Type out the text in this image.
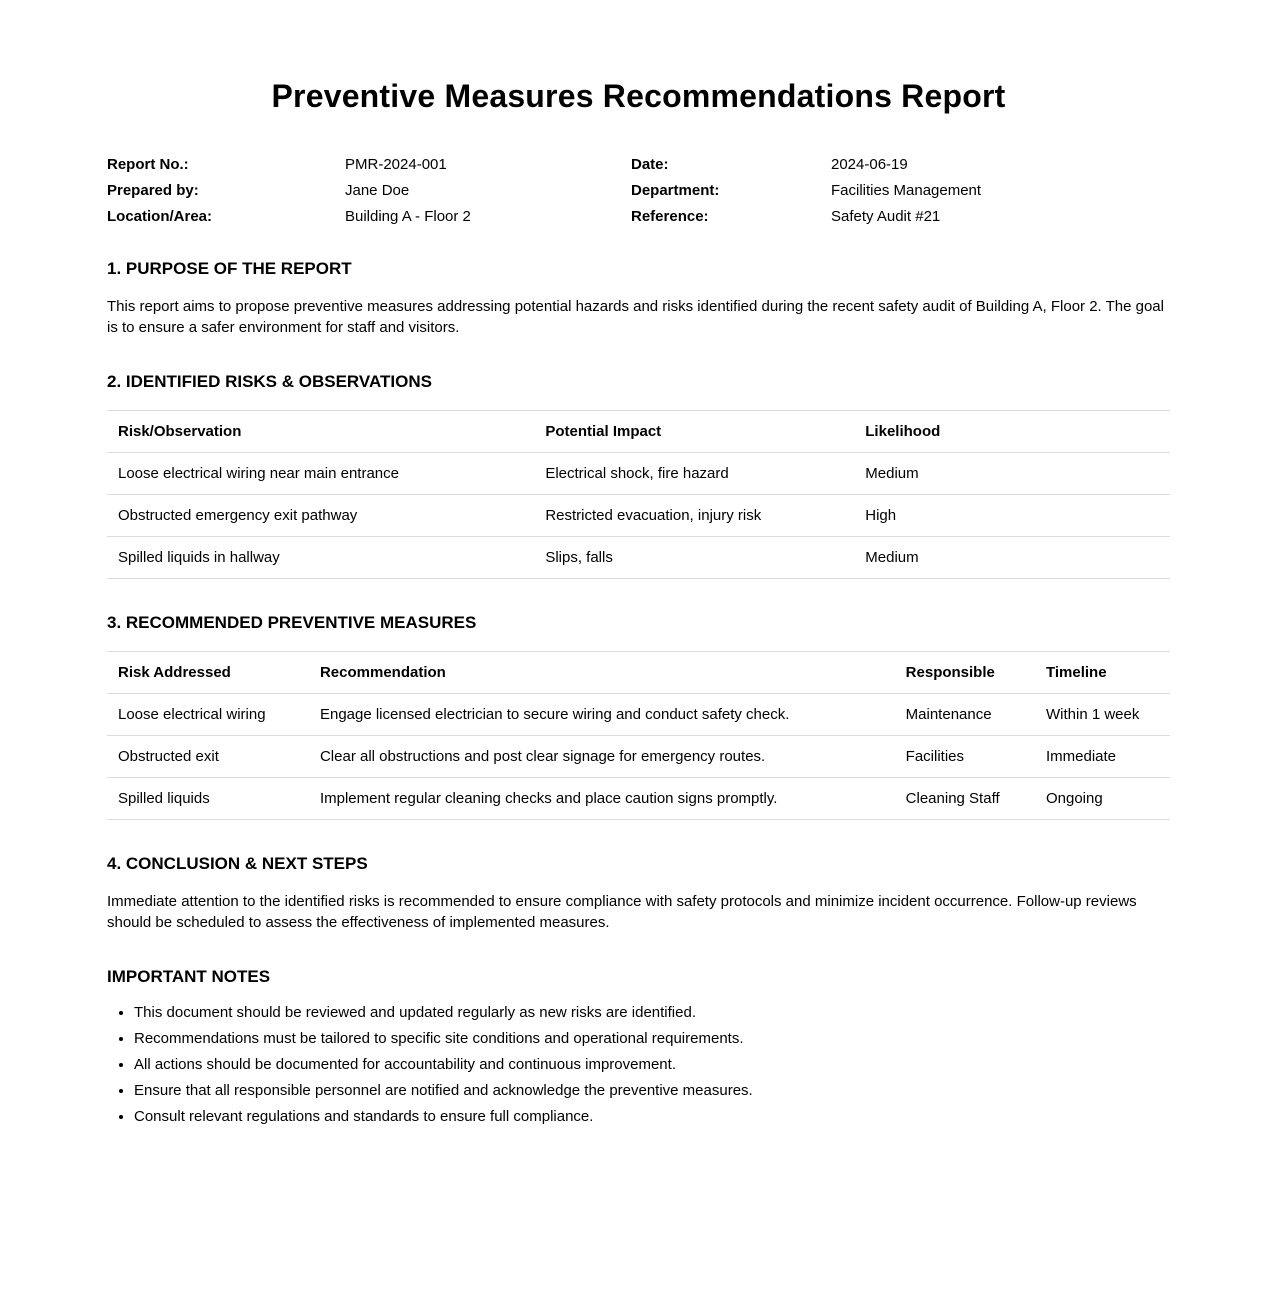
Preventive Measures Recommendations Report
Report No.:	PMR-2024-001	Date:	2024-06-19
Prepared by:	Jane Doe	Department:	Facilities Management
Location/Area:	Building A - Floor 2	Reference:	Safety Audit #21
1. PURPOSE OF THE REPORT

This report aims to propose preventive measures addressing potential hazards and risks identified during the recent safety audit of Building A, Floor 2. The goal is to ensure a safer environment for staff and visitors.

2. IDENTIFIED RISKS & OBSERVATIONS
Risk/Observation	Potential Impact	Likelihood
Loose electrical wiring near main entrance	Electrical shock, fire hazard	Medium
Obstructed emergency exit pathway	Restricted evacuation, injury risk	High
Spilled liquids in hallway	Slips, falls	Medium
3. RECOMMENDED PREVENTIVE MEASURES
Risk Addressed	Recommendation	Responsible	Timeline
Loose electrical wiring	Engage licensed electrician to secure wiring and conduct safety check.	Maintenance	Within 1 week
Obstructed exit	Clear all obstructions and post clear signage for emergency routes.	Facilities	Immediate
Spilled liquids	Implement regular cleaning checks and place caution signs promptly.	Cleaning Staff	Ongoing
4. CONCLUSION & NEXT STEPS

Immediate attention to the identified risks is recommended to ensure compliance with safety protocols and minimize incident occurrence. Follow-up reviews should be scheduled to assess the effectiveness of implemented measures.

IMPORTANT NOTES
• This document should be reviewed and updated regularly as new risks are identified.
• Recommendations must be tailored to specific site conditions and operational requirements.
• All actions should be documented for accountability and continuous improvement.
• Ensure that all responsible personnel are notified and acknowledge the preventive measures.
• Consult relevant regulations and standards to ensure full compliance.
